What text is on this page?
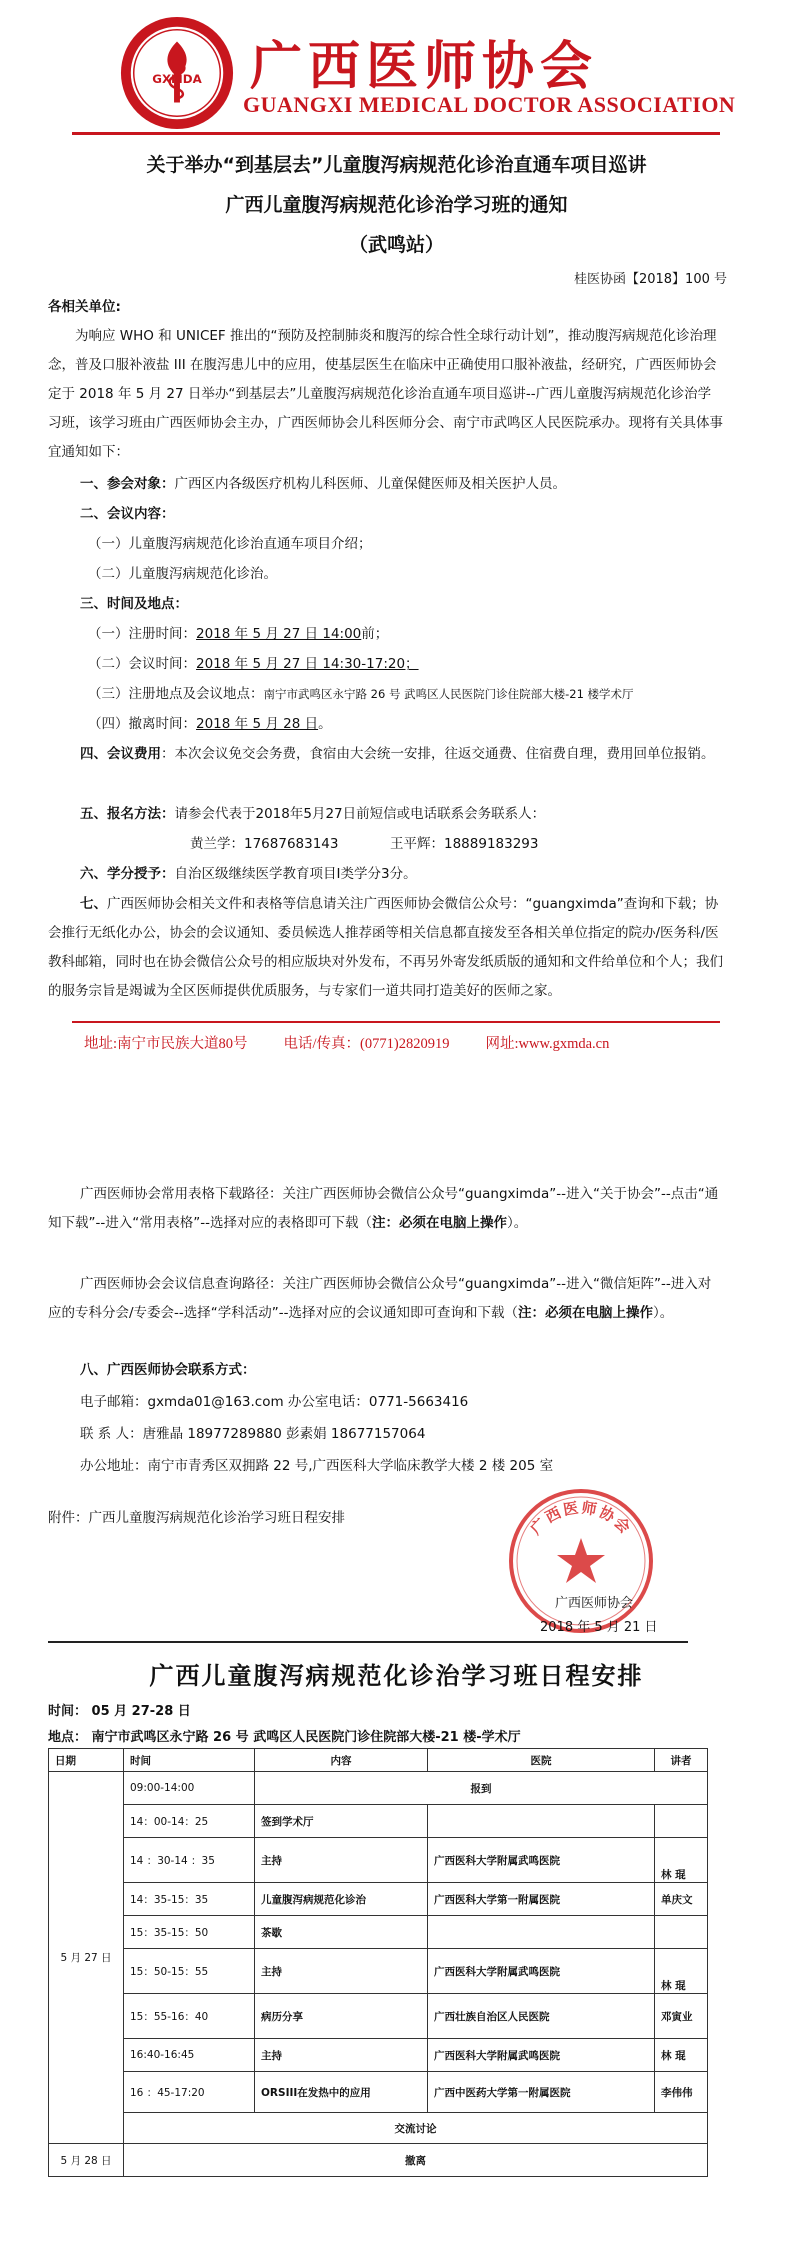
GXMDA 广西医师协会
GUANGXI MEDICAL DOCTOR ASSOCIATION
关于举办“到基层去”儿童腹泻病规范化诊治直通车项目巡讲
广西儿童腹泻病规范化诊治学习班的通知
（武鸣站）
桂医协函【2018】100 号
各相关单位:
为响应 WHO 和 UNICEF 推出的“预防及控制肺炎和腹泻的综合性全球行动计划”，推动腹泻病规范化诊治理念，普及口服补液盐 III 在腹泻患儿中的应用，使基层医生在临床中正确使用口服补液盐，经研究，广西医师协会定于 2018 年 5 月 27 日举办“到基层去”儿童腹泻病规范化诊治直通车项目巡讲--广西儿童腹泻病规范化诊治学习班，该学习班由广西医师协会主办，广西医师协会儿科医师分会、南宁市武鸣区人民医院承办。现将有关具体事宜通知如下：
一、参会对象：广西区内各级医疗机构儿科医师、儿童保健医师及相关医护人员。
二、会议内容：
（一）儿童腹泻病规范化诊治直通车项目介绍；
（二）儿童腹泻病规范化诊治。
三、时间及地点：
（一）注册时间：2018 年 5 月 27 日 14:00前；
（二）会议时间：2018 年 5 月 27 日 14:30-17:20；
（三）注册地点及会议地点：南宁市武鸣区永宁路 26 号 武鸣区人民医院门诊住院部大楼-21 楼学术厅
（四）撤离时间：2018 年 5 月 28 日。
四、会议费用：本次会议免交会务费，食宿由大会统一安排，往返交通费、住宿费自理，费用回单位报销。
五、报名方法：请参会代表于2018年5月27日前短信或电话联系会务联系人：
黄兰学：17687683143	王平辉：18889183293
六、学分授予：自治区级继续医学教育项目I类学分3分。
七、广西医师协会相关文件和表格等信息请关注广西医师协会微信公众号：“guangximda”查询和下载；协会推行无纸化办公，协会的会议通知、委员候选人推荐函等相关信息都直接发至各相关单位指定的院办/医务科/医教科邮箱，同时也在协会微信公众号的相应版块对外发布，不再另外寄发纸质版的通知和文件给单位和个人；我们的服务宗旨是竭诚为全区医师提供优质服务，与专家们一道共同打造美好的医师之家。
地址:南宁市民族大道80号 电话/传真：(0771)2820919 网址:www.gxmda.cn
广西医师协会常用表格下载路径：关注广西医师协会微信公众号“guangximda”--进入“关于协会”--点击“通知下载”--进入“常用表格”--选择对应的表格即可下载（注：必须在电脑上操作）。
广西医师协会会议信息查询路径：关注广西医师协会微信公众号“guangximda”--进入“微信矩阵”--进入对应的专科分会/专委会--选择“学科活动”--选择对应的会议通知即可查询和下载（注：必须在电脑上操作）。
八、广西医师协会联系方式：
电子邮箱：gxmda01@163.com 办公室电话：0771-5663416
联 系 人：唐雅晶 18977289880 彭素娟 18677157064
办公地址：南宁市青秀区双拥路 22 号,广西医科大学临床教学大楼 2 楼 205 室
附件：广西儿童腹泻病规范化诊治学习班日程安排	广西医师协会
广西医师协会
2018 年 5 月 21 日
广西儿童腹泻病规范化诊治学习班日程安排
时间： 05 月 27-28 日
地点： 南宁市武鸣区永宁路 26 号 武鸣区人民医院门诊住院部大楼-21 楼-学术厅
日期	时间	内容	医院	讲者
5 月 27 日	09:00-14:00	报到		
	14：00-14：25	签到学术厅		
	14 ：30-14 ：35	主持	广西医科大学附属武鸣医院	林 琨
	14：35-15：35	儿童腹泻病规范化诊治	广西医科大学第一附属医院	单庆文
	15：35-15：50	茶歇		
	15：50-15：55	主持	广西医科大学附属武鸣医院	林 琨
	15：55-16：40	病历分享	广西壮族自治区人民医院	邓寅业
	16:40-16:45	主持	广西医科大学附属武鸣医院	林 琨
	16 ：45-17:20	ORSIII在发热中的应用	广西中医药大学第一附属医院	李伟伟
	交流讨论			
5 月 28 日	撤离			
